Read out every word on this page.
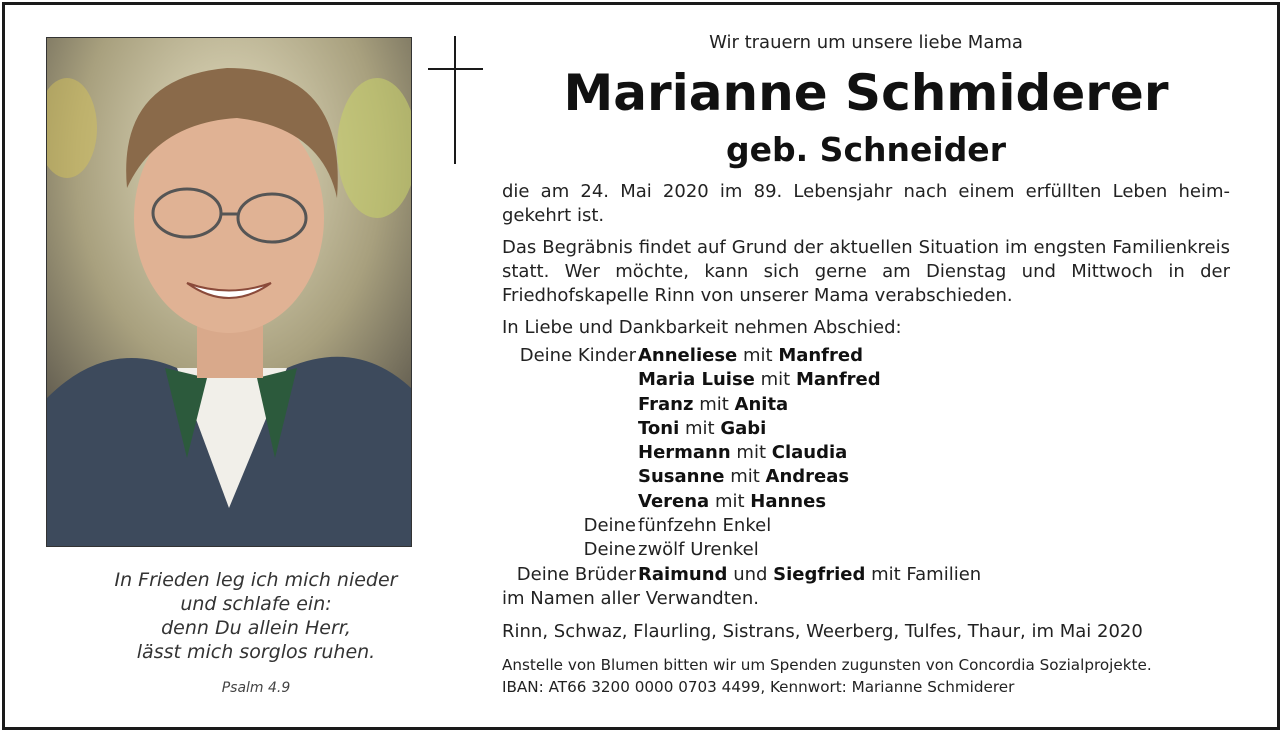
Wir trauern um unsere liebe Mama
Marianne Schmiderer
geb. Schneider
die am 24. Mai 2020 im 89. Lebensjahr nach einem erfüllten Leben heim-gekehrt ist.
Das Begräbnis findet auf Grund der aktuellen Situation im engsten Familienkreis statt. Wer möchte, kann sich gerne am Dienstag und Mittwoch in der Friedhofskapelle Rinn von unserer Mama verabschieden.
In Liebe und Dankbarkeit nehmen Abschied:
Deine Kinder Anneliese mit Manfred
Maria Luise mit Manfred
Franz mit Anita
Toni mit Gabi
Hermann mit Claudia
Susanne mit Andreas
Verena mit Hannes
Deine fünfzehn Enkel
Deine zwölf Urenkel
Deine Brüder Raimund und Siegfried mit Familien
im Namen aller Verwandten.
Rinn, Schwaz, Flaurling, Sistrans, Weerberg, Tulfes, Thaur, im Mai 2020
Anstelle von Blumen bitten wir um Spenden zugunsten von Concordia Sozialprojekte.
IBAN: AT66 3200 0000 0703 4499, Kennwort: Marianne Schmiderer
In Frieden leg ich mich nieder
und schlafe ein:
denn Du allein Herr,
lässt mich sorglos ruhen.
Psalm 4.9
